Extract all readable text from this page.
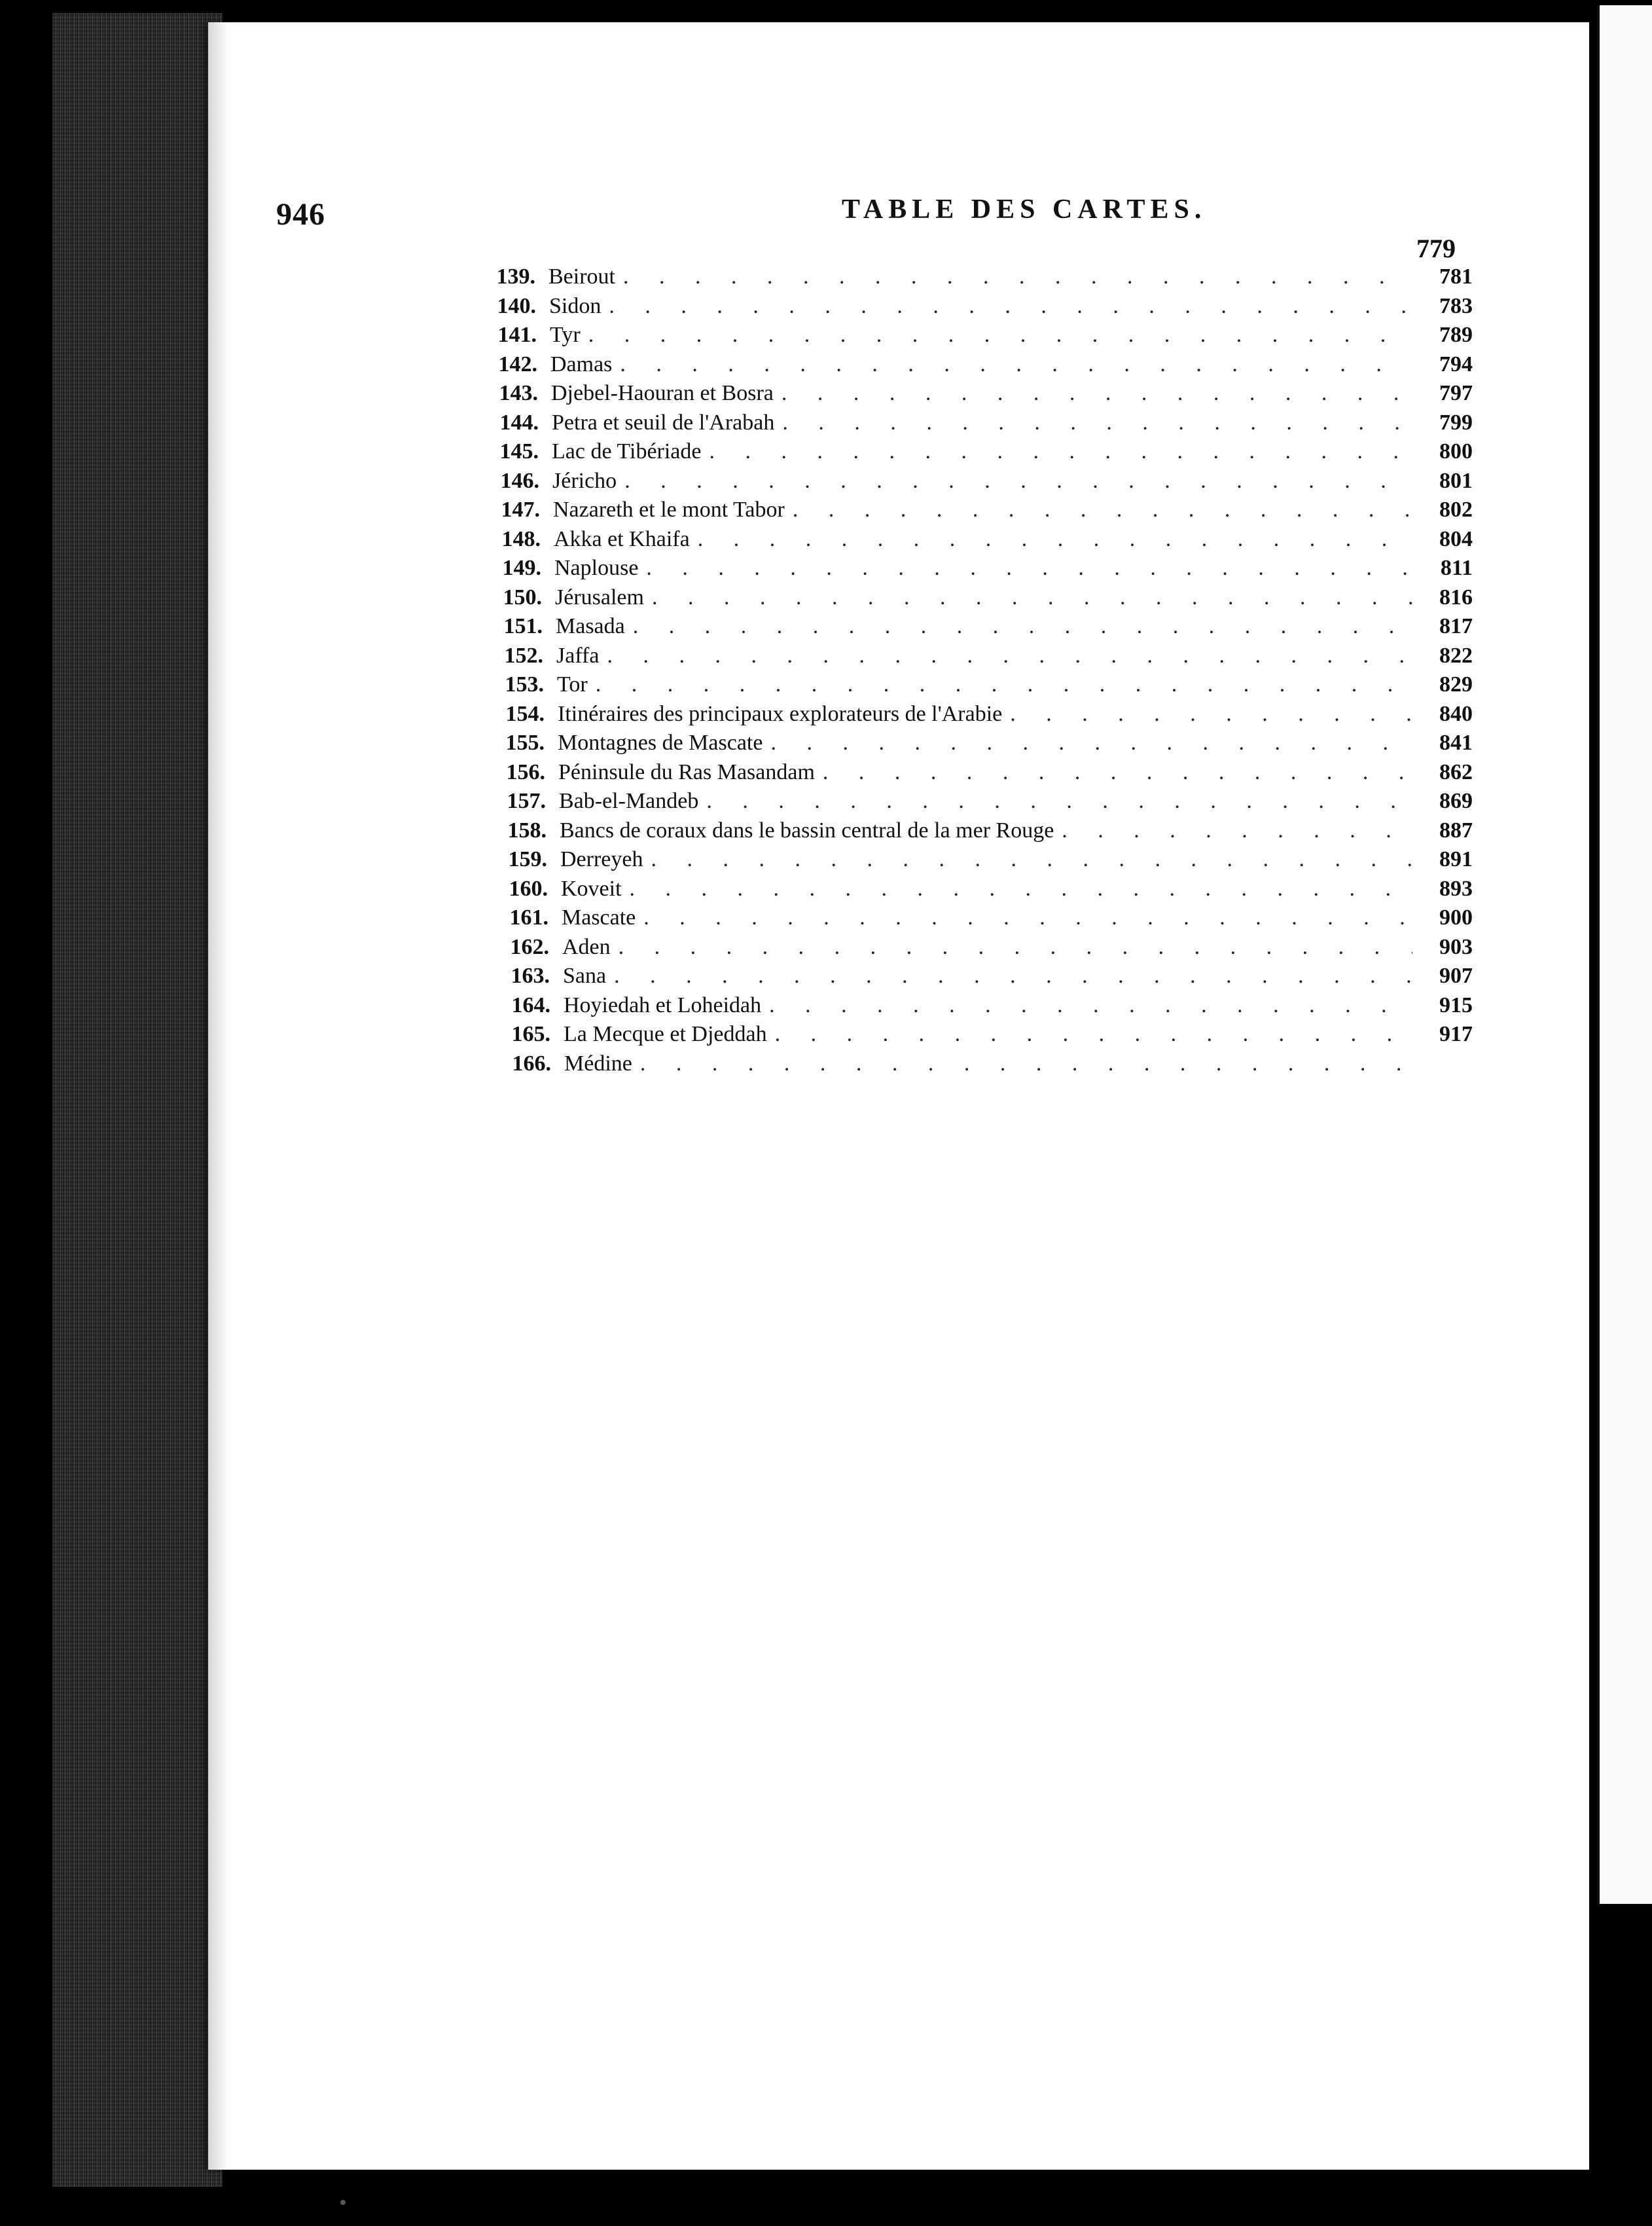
946	TABLE DES CARTES.
779
139. Beirout . . .	781
140. Sidon . . .	783
141. Tyr . . .	789
142. Damas . . .	794
143. Djebel-Haouran et Bosra . . .	797
144. Petra et seuil de l'Arabah . . .	799
145. Lac de Tibériade . . .	800
146. Jéricho . . .	801
147. Nazareth et le mont Tabor . . .	802
148. Akka et Khaifa . . .	804
149. Naplouse . . .	811
150. Jérusalem . . .	816
151. Masada . . .	817
152. Jaffa . . .	822
153. Tor . . .	829
154. Itinéraires des principaux explorateurs de l'Arabie . . .	840
155. Montagnes de Mascate . . .	841
156. Péninsule du Ras Masandam . . .	862
157. Bab-el-Mandeb . . .	869
158. Bancs de coraux dans le bassin central de la mer Rouge . . .	887
159. Derreyeh . . .	891
160. Koveit . . .	893
161. Mascate . . .	900
162. Aden . . .	903
163. Sana . . .	907
164. Hoyiedah et Loheidah . . .	915
165. La Mecque et Djeddah . . .	917
166. Médine
. . .
